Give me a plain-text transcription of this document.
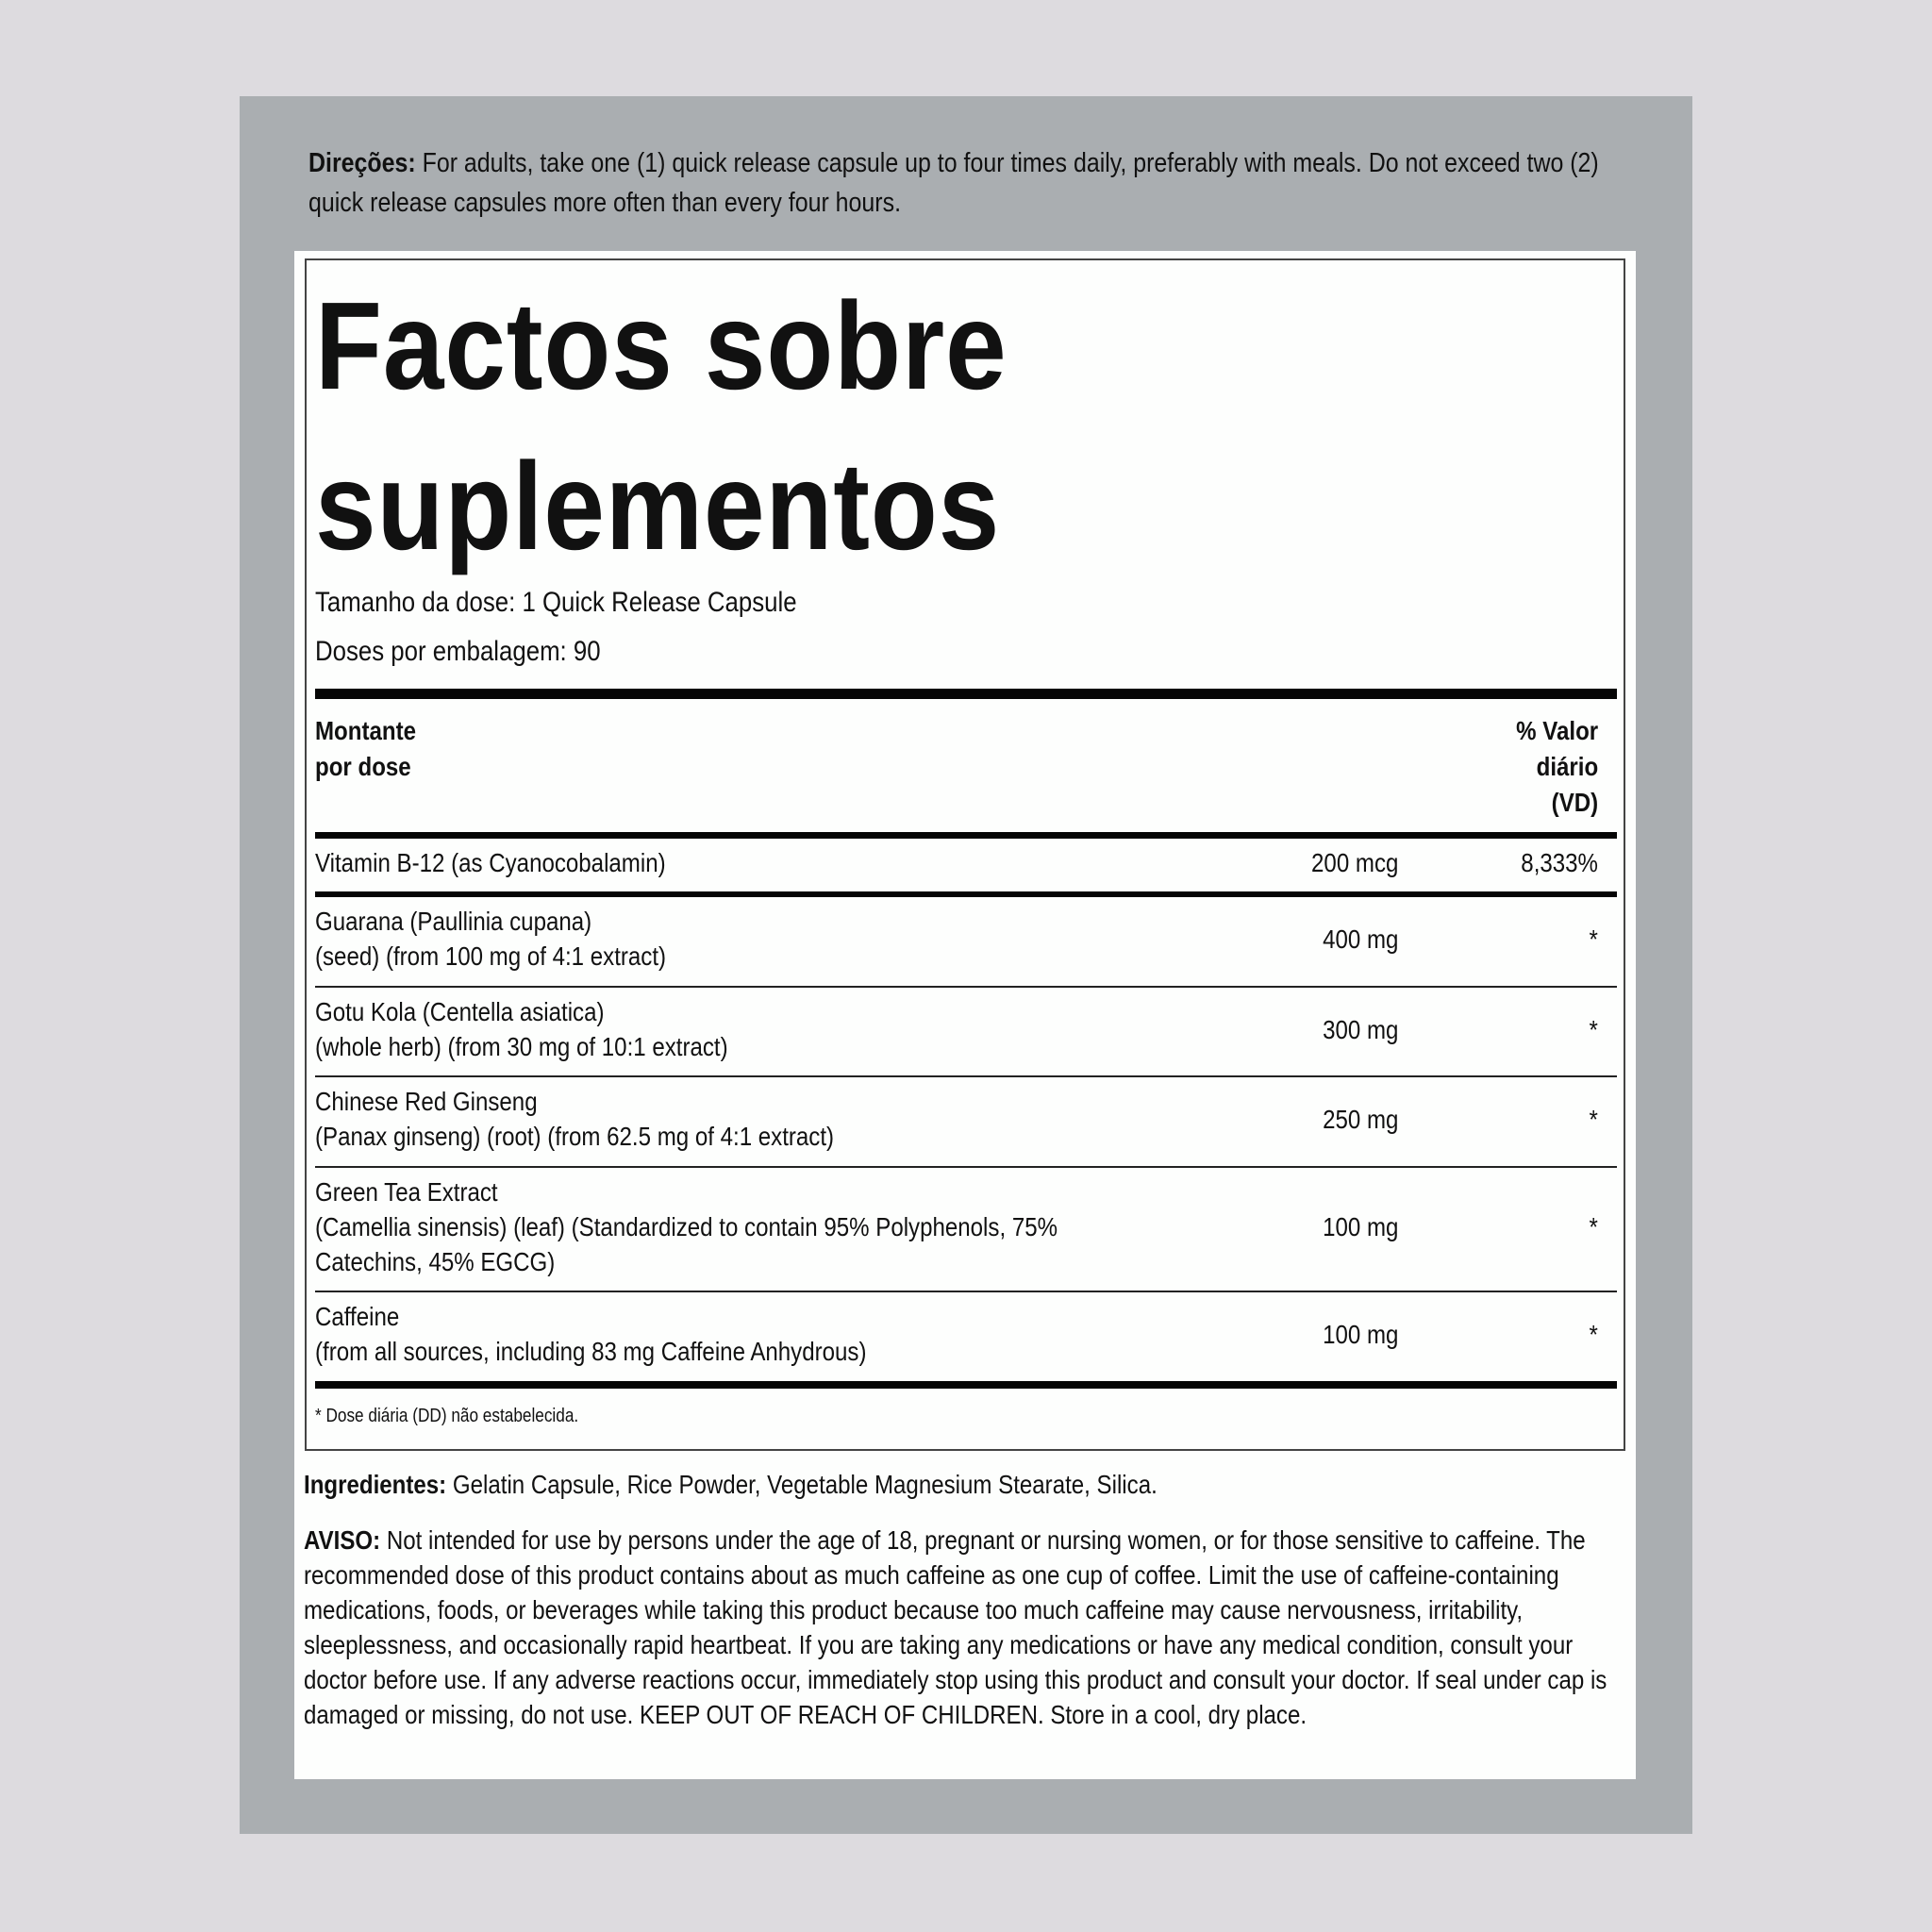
Direções: For adults, take one (1) quick release capsule up to four times daily, preferably with meals. Do not exceed two (2) quick release capsules more often than every four hours.
Factos sobre
suplementos
Tamanho da dose: 1 Quick Release Capsule
Doses por embalagem: 90
Montante
por dose
% Valor
diário
(VD)
Vitamin B-12 (as Cyanocobalamin)	200 mcg	8,333%
Guarana (Paullinia cupana)
(seed) (from 100 mg of 4:1 extract)
400 mg	*
Gotu Kola (Centella asiatica)
(whole herb) (from 30 mg of 10:1 extract)
300 mg	*
Chinese Red Ginseng
(Panax ginseng) (root) (from 62.5 mg of 4:1 extract)
250 mg	*
Green Tea Extract
(Camellia sinensis) (leaf) (Standardized to contain 95% Polyphenols, 75%
Catechins, 45% EGCG)
100 mg	*
Caffeine
(from all sources, including 83 mg Caffeine Anhydrous)
100 mg	*
* Dose diária (DD) não estabelecida.
Ingredientes: Gelatin Capsule, Rice Powder, Vegetable Magnesium Stearate, Silica.
AVISO: Not intended for use by persons under the age of 18, pregnant or nursing women, or for those sensitive to caffeine. The recommended dose of this product contains about as much caffeine as one cup of coffee. Limit the use of caffeine-containing medications, foods, or beverages while taking this product because too much caffeine may cause nervousness, irritability, sleeplessness, and occasionally rapid heartbeat. If you are taking any medications or have any medical condition, consult your doctor before use. If any adverse reactions occur, immediately stop using this product and consult your doctor. If seal under cap is damaged or missing, do not use. KEEP OUT OF REACH OF CHILDREN. Store in a cool, dry place.
